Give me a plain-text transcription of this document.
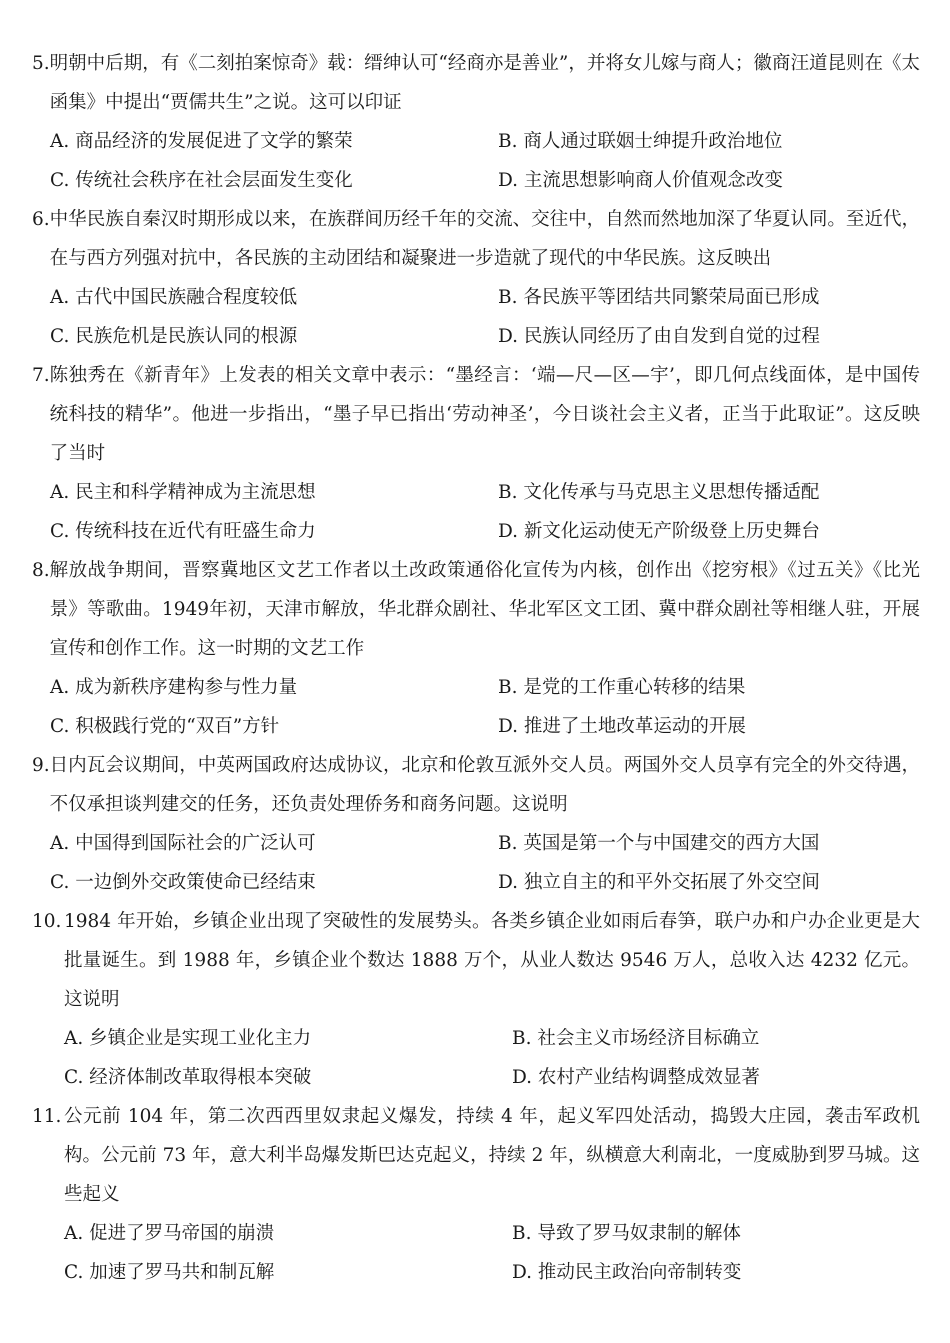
5. 明朝中后期，有《二刻拍案惊奇》载：缙绅认可“经商亦是善业”，并将女儿嫁与商人；徽商汪道昆则在《太函集》中提出“贾儒共生”之说。这可以印证
A. 商品经济的发展促进了文学的繁荣	B. 商人通过联姻士绅提升政治地位
C. 传统社会秩序在社会层面发生变化	D. 主流思想影响商人价值观念改变
6. 中华民族自秦汉时期形成以来，在族群间历经千年的交流、交往中，自然而然地加深了华夏认同。至近代，在与西方列强对抗中，各民族的主动团结和凝聚进一步造就了现代的中华民族。这反映出
A. 古代中国民族融合程度较低	B. 各民族平等团结共同繁荣局面已形成
C. 民族危机是民族认同的根源	D. 民族认同经历了由自发到自觉的过程
7. 陈独秀在《新青年》上发表的相关文章中表示：“墨经言：‘端—尺—区—宇’，即几何点线面体，是中国传统科技的精华”。他进一步指出，“墨子早已指出‘劳动神圣’，今日谈社会主义者，正当于此取证”。这反映了当时
A. 民主和科学精神成为主流思想	B. 文化传承与马克思主义思想传播适配
C. 传统科技在近代有旺盛生命力	D. 新文化运动使无产阶级登上历史舞台
8. 解放战争期间，晋察冀地区文艺工作者以土改政策通俗化宣传为内核，创作出《挖穷根》《过五关》《比光景》等歌曲。1949年初，天津市解放，华北群众剧社、华北军区文工团、冀中群众剧社等相继人驻，开展宣传和创作工作。这一时期的文艺工作
A. 成为新秩序建构参与性力量	B. 是党的工作重心转移的结果
C. 积极践行党的“双百”方针	D. 推进了土地改革运动的开展
9. 日内瓦会议期间，中英两国政府达成协议，北京和伦敦互派外交人员。两国外交人员享有完全的外交待遇，不仅承担谈判建交的任务，还负责处理侨务和商务问题。这说明
A. 中国得到国际社会的广泛认可	B. 英国是第一个与中国建交的西方大国
C. 一边倒外交政策使命已经结束	D. 独立自主的和平外交拓展了外交空间
10. 1984 年开始，乡镇企业出现了突破性的发展势头。各类乡镇企业如雨后春笋，联户办和户办企业更是大批量诞生。到 1988 年，乡镇企业个数达 1888 万个，从业人数达 9546 万人，总收入达 4232 亿元。这说明
A. 乡镇企业是实现工业化主力	B. 社会主义市场经济目标确立
C. 经济体制改革取得根本突破	D. 农村产业结构调整成效显著
11. 公元前 104 年，第二次西西里奴隶起义爆发，持续 4 年，起义军四处活动，捣毁大庄园，袭击军政机构。公元前 73 年，意大利半岛爆发斯巴达克起义，持续 2 年，纵横意大利南北，一度威胁到罗马城。这些起义
A. 促进了罗马帝国的崩溃	B. 导致了罗马奴隶制的解体
C. 加速了罗马共和制瓦解	D. 推动民主政治向帝制转变
